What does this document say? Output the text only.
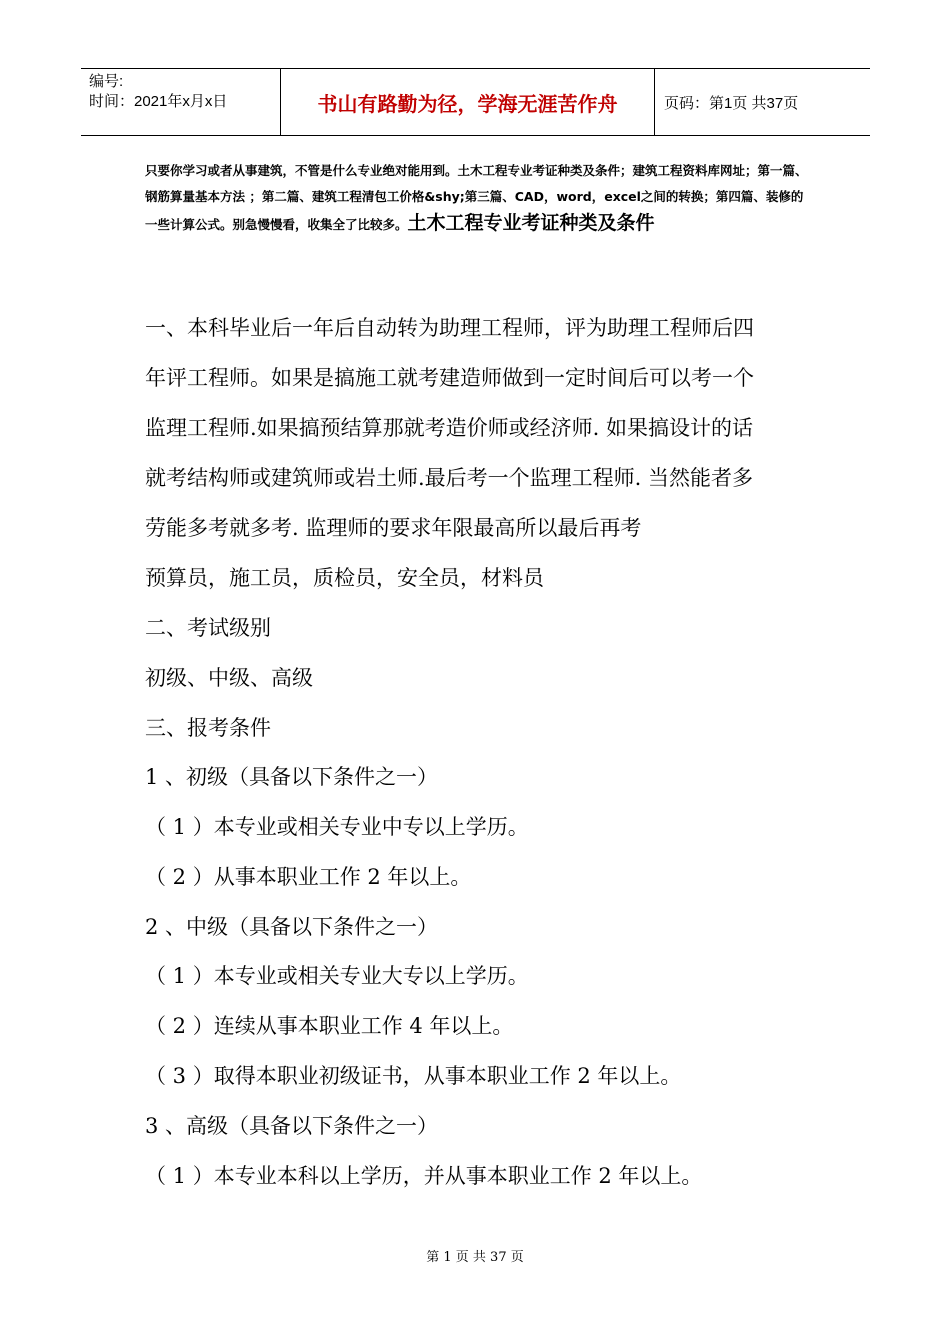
编号:
时间：2021年x月x日	书山有路勤为径，学海无涯苦作舟	页码：第1页 共37页
只要你学习或者从事建筑，不管是什么专业绝对能用到。土木工程专业考证种类及条件；建筑工程资料库网址；第一篇、钢筋算量基本方法 ；第二篇、建筑工程清包工价格&shy;第三篇、CAD，word，excel之间的转换；第四篇、装修的一些计算公式。别急慢慢看，收集全了比较多。土木工程专业考证种类及条件
一、本科毕业后一年后自动转为助理工程师，评为助理工程师后四
年评工程师。如果是搞施工就考建造师做到一定时间后可以考一个
监理工程师.如果搞预结算那就考造价师或经济师. 如果搞设计的话
就考结构师或建筑师或岩土师.最后考一个监理工程师. 当然能者多
劳能多考就多考. 监理师的要求年限最高所以最后再考
预算员，施工员，质检员，安全员，材料员
二、考试级别
初级、中级、高级
三、报考条件
1 、初级（具备以下条件之一）
（ 1 ）本专业或相关专业中专以上学历。
（ 2 ）从事本职业工作 2 年以上。
2 、中级（具备以下条件之一）
（ 1 ）本专业或相关专业大专以上学历。
（ 2 ）连续从事本职业工作 4 年以上。
（ 3 ）取得本职业初级证书，从事本职业工作 2 年以上。
3 、高级（具备以下条件之一）
（ 1 ）本专业本科以上学历，并从事本职业工作 2 年以上。
第 1 页 共 37 页
